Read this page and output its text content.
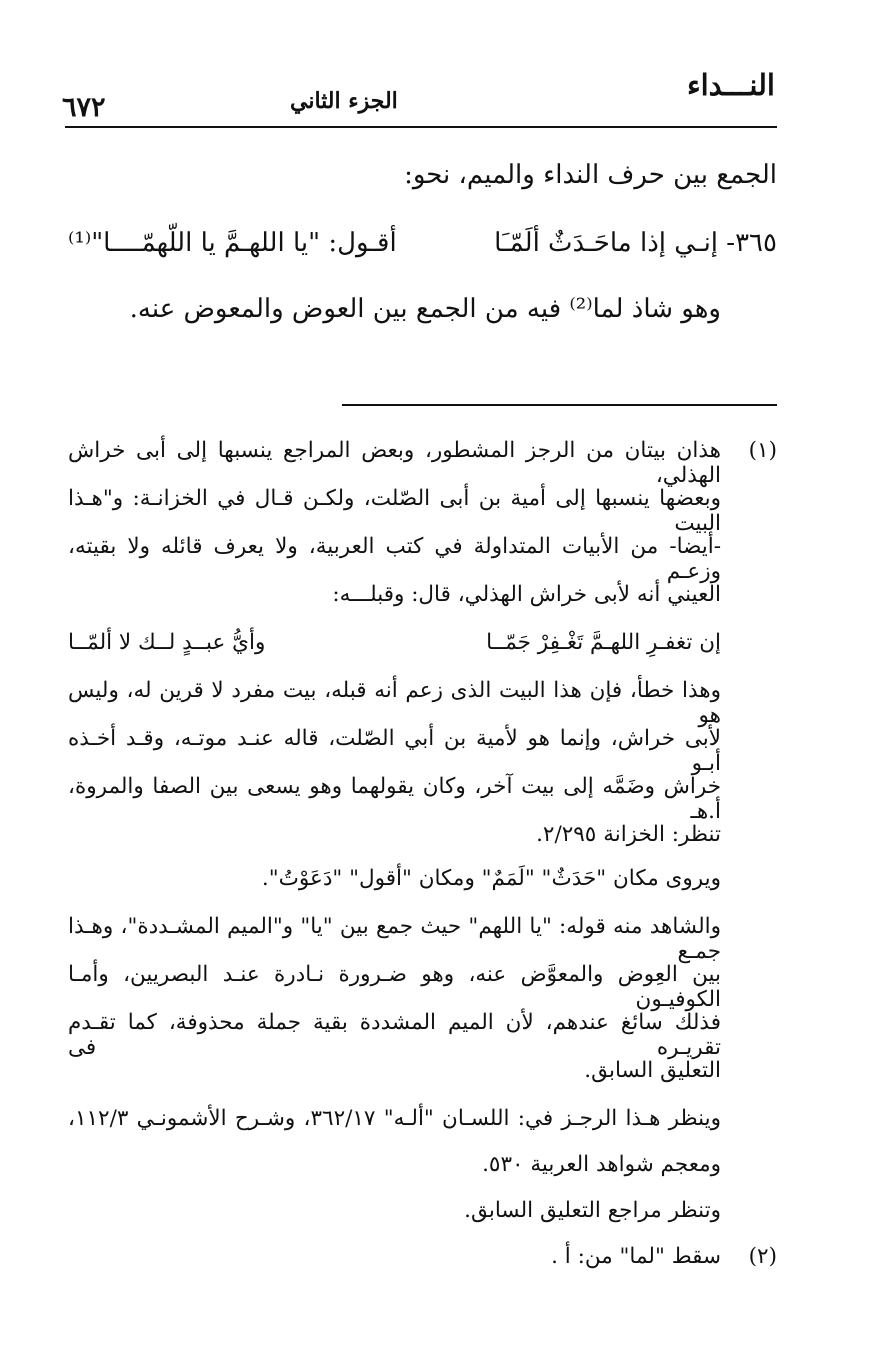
النـــداء
الجزء الثاني
٦٧٢
الجمع بين حرف النداء والميم، نحو:
٣٦٥- إنـي إذا ماحَـدَثٌ ألَمّـَا
أقـول: "يا اللهـمَّ يا اللّهمّــــا"⁽¹⁾
وهو شاذ لما⁽²⁾ فيه من الجمع بين العوض والمعوض عنه.
(١)
هذان بيتان من الرجز المشطور، وبعض المراجع ينسبها إلى أبى خراش الهذلي،
وبعضها ينسبها إلى أمية بن أبى الصّلت، ولكـن قـال في الخزانـة: و"هـذا البيت
-أيضا- من الأبيات المتداولة في كتب العربية، ولا يعرف قائله ولا بقيته، وزعـم
العيني أنه لأبى خراش الهذلي، قال: وقبلـــه:
إن تغفـرِ اللهـمَّ تَغْـفِرْ جَمّــا
وأيُّ عبــدٍ لــك لا ألمّــا
وهذا خطأ، فإن هذا البيت الذى زعم أنه قبله، بيت مفرد لا قرين له، وليس هو
لأبى خراش، وإنما هو لأمية بن أبي الصّلت، قاله عنـد موتـه، وقـد أخـذه أبـو
خراش وضَمَّه إلى بيت آخر، وكان يقولهما وهو يسعى بين الصفا والمروة، أ.هـ
تنظر: الخزانة ٢/٢٩٥.
ويروى مكان "حَدَثٌ" "لَمَمٌ" ومكان "أقول" "دَعَوْتُ".
والشاهد منه قوله: "يا اللهم" حيث جمع بين "يا" و"الميم المشـددة"، وهـذا جمـع
بين العِوض والمعوَّض عنه، وهو ضـرورة نـادرة عنـد البصريين، وأمـا الكوفيـون
فذلك سائغ عندهم، لأن الميم المشددة بقية جملة محذوفة، كما تقـدم تقريـره فى
التعليق السابق.
وينظر هـذا الرجـز في: اللسـان "ألـه" ٣٦٢/١٧، وشـرح الأشمونـي ١١٢/٣،
ومعجم شواهد العربية ٥٣٠.
وتنظر مراجع التعليق السابق.
(٢)
سقط "لما" من: أ .
